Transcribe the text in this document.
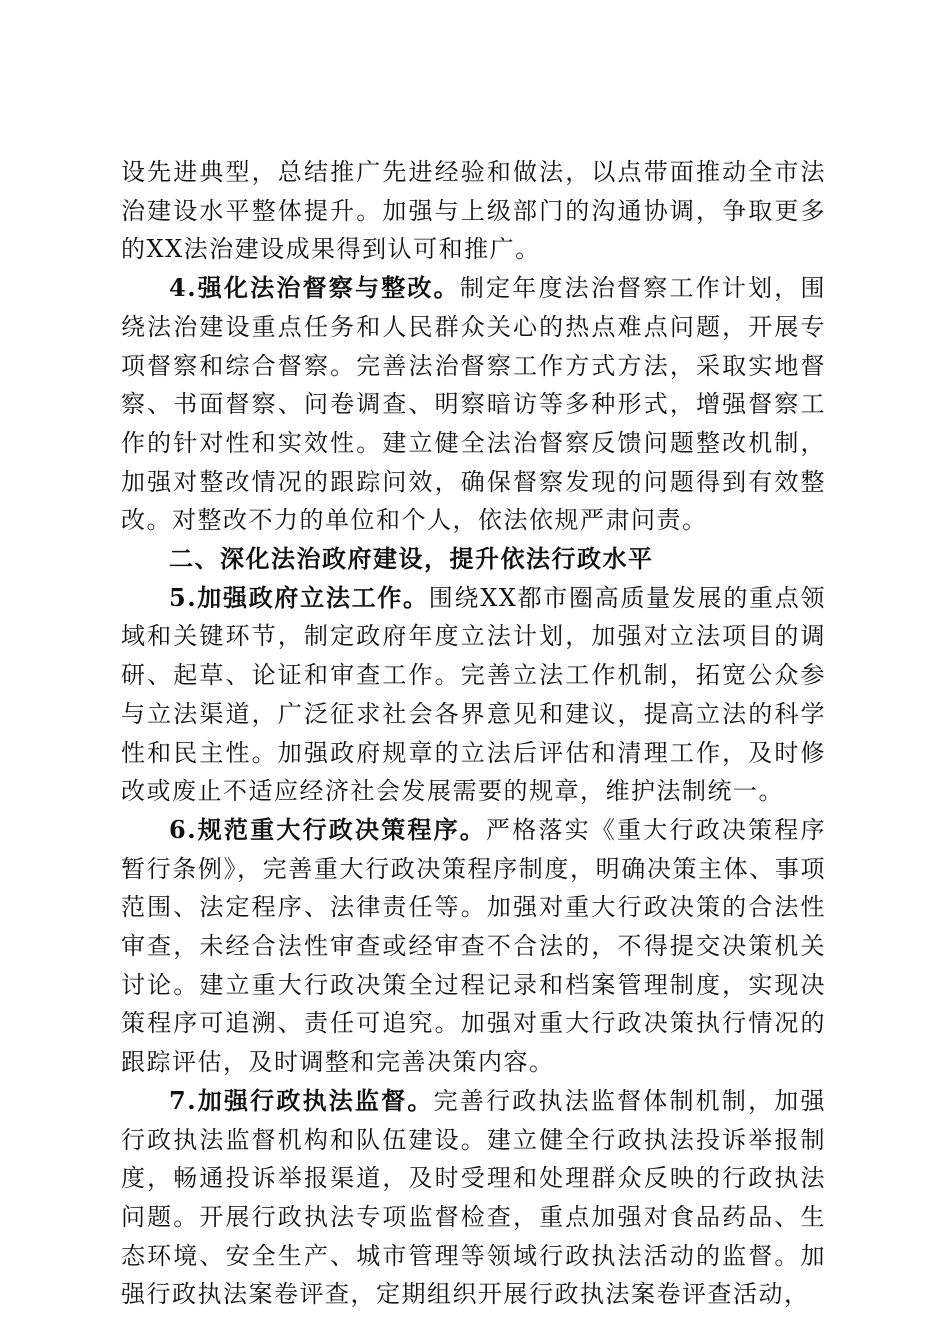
设先进典型，总结推广先进经验和做法，以点带面推动全市法治建设水平整体提升。加强与上级部门的沟通协调，争取更多的XX法治建设成果得到认可和推广。

4.强化法治督察与整改。制定年度法治督察工作计划，围绕法治建设重点任务和人民群众关心的热点难点问题，开展专项督察和综合督察。完善法治督察工作方式方法，采取实地督察、书面督察、问卷调查、明察暗访等多种形式，增强督察工作的针对性和实效性。建立健全法治督察反馈问题整改机制，加强对整改情况的跟踪问效，确保督察发现的问题得到有效整改。对整改不力的单位和个人，依法依规严肃问责。

二、深化法治政府建设，提升依法行政水平

5.加强政府立法工作。围绕XX都市圈高质量发展的重点领域和关键环节，制定政府年度立法计划，加强对立法项目的调研、起草、论证和审查工作。完善立法工作机制，拓宽公众参与立法渠道，广泛征求社会各界意见和建议，提高立法的科学性和民主性。加强政府规章的立法后评估和清理工作，及时修改或废止不适应经济社会发展需要的规章，维护法制统一。

6.规范重大行政决策程序。严格落实《重大行政决策程序暂行条例》，完善重大行政决策程序制度，明确决策主体、事项范围、法定程序、法律责任等。加强对重大行政决策的合法性审查，未经合法性审查或经审查不合法的，不得提交决策机关讨论。建立重大行政决策全过程记录和档案管理制度，实现决策程序可追溯、责任可追究。加强对重大行政决策执行情况的跟踪评估，及时调整和完善决策内容。

7.加强行政执法监督。完善行政执法监督体制机制，加强行政执法监督机构和队伍建设。建立健全行政执法投诉举报制度，畅通投诉举报渠道，及时受理和处理群众反映的行政执法问题。开展行政执法专项监督检查，重点加强对食品药品、生态环境、安全生产、城市管理等领域行政执法活动的监督。加强行政执法案卷评查，定期组织开展行政执法案卷评查活动，
